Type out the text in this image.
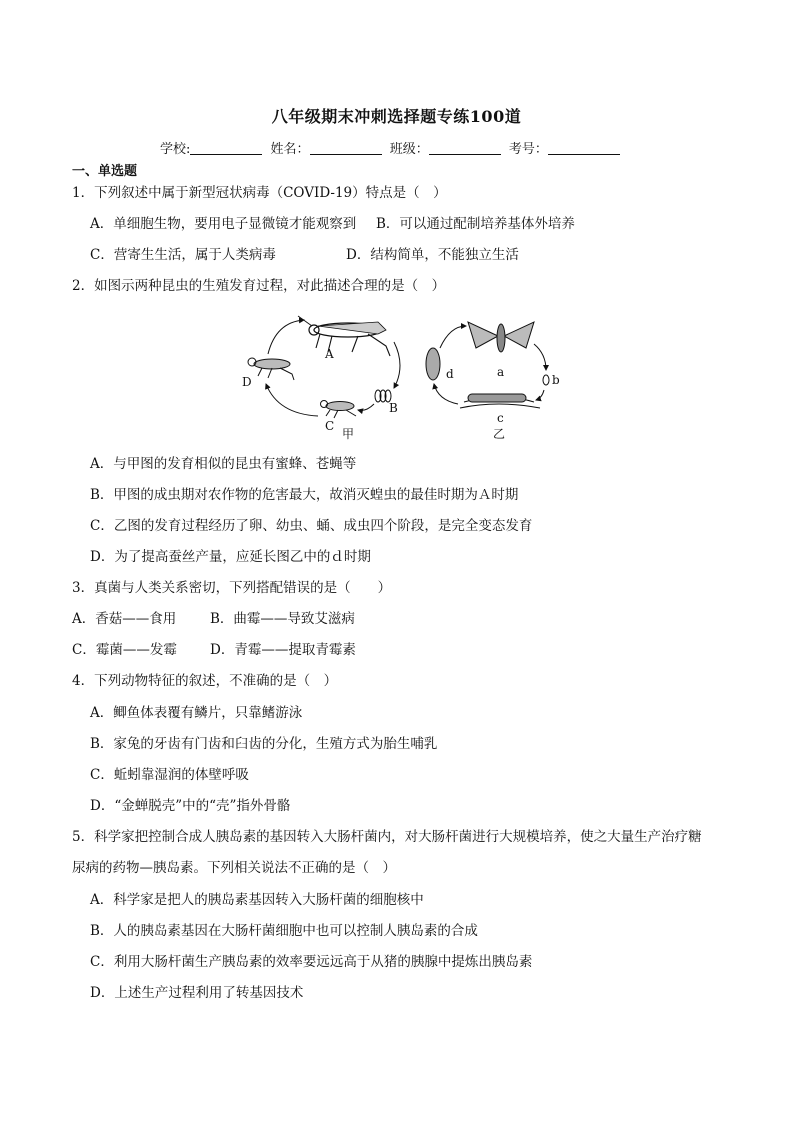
八年级期末冲刺选择题专练100道
学校:	姓名：	班级：	考号：
一、单选题
1．下列叙述中属于新型冠状病毒（COVID-19）特点是（　）
A．单细胞生物，要用电子显微镜才能观察到 B．可以通过配制培养基体外培养
C．营寄生生活，属于人类病毒	D．结构简单，不能独立生活
2．如图示两种昆虫的生殖发育过程，对此描述合理的是（　）
A
B
C
D
甲
a
b
c
d
乙
A．与甲图的发育相似的昆虫有蜜蜂、苍蝇等
B．甲图的成虫期对农作物的危害最大，故消灭蝗虫的最佳时期为Ａ时期
C．乙图的发育过程经历了卵、幼虫、蛹、成虫四个阶段，是完全变态发育
D．为了提高蚕丝产量，应延长图乙中的ｄ时期
3．真菌与人类关系密切，下列搭配错误的是（　　）
A．香菇——食用	B．曲霉——导致艾滋病
C．霉菌——发霉 D．青霉——提取青霉素
4．下列动物特征的叙述，不准确的是（　）
A．鲫鱼体表覆有鳞片，只靠鳍游泳
B．家兔的牙齿有门齿和臼齿的分化，生殖方式为胎生哺乳
C．蚯蚓靠湿润的体壁呼吸
D．“金蝉脱壳”中的“壳”指外骨骼
5．科学家把控制合成人胰岛素的基因转入大肠杆菌内，对大肠杆菌进行大规模培养，使之大量生产治疗糖
尿病的药物—胰岛素。下列相关说法不正确的是（　）
A．科学家是把人的胰岛素基因转入大肠杆菌的细胞核中
B．人的胰岛素基因在大肠杆菌细胞中也可以控制人胰岛素的合成
C．利用大肠杆菌生产胰岛素的效率要远远高于从猪的胰腺中提炼出胰岛素
D．上述生产过程利用了转基因技术
